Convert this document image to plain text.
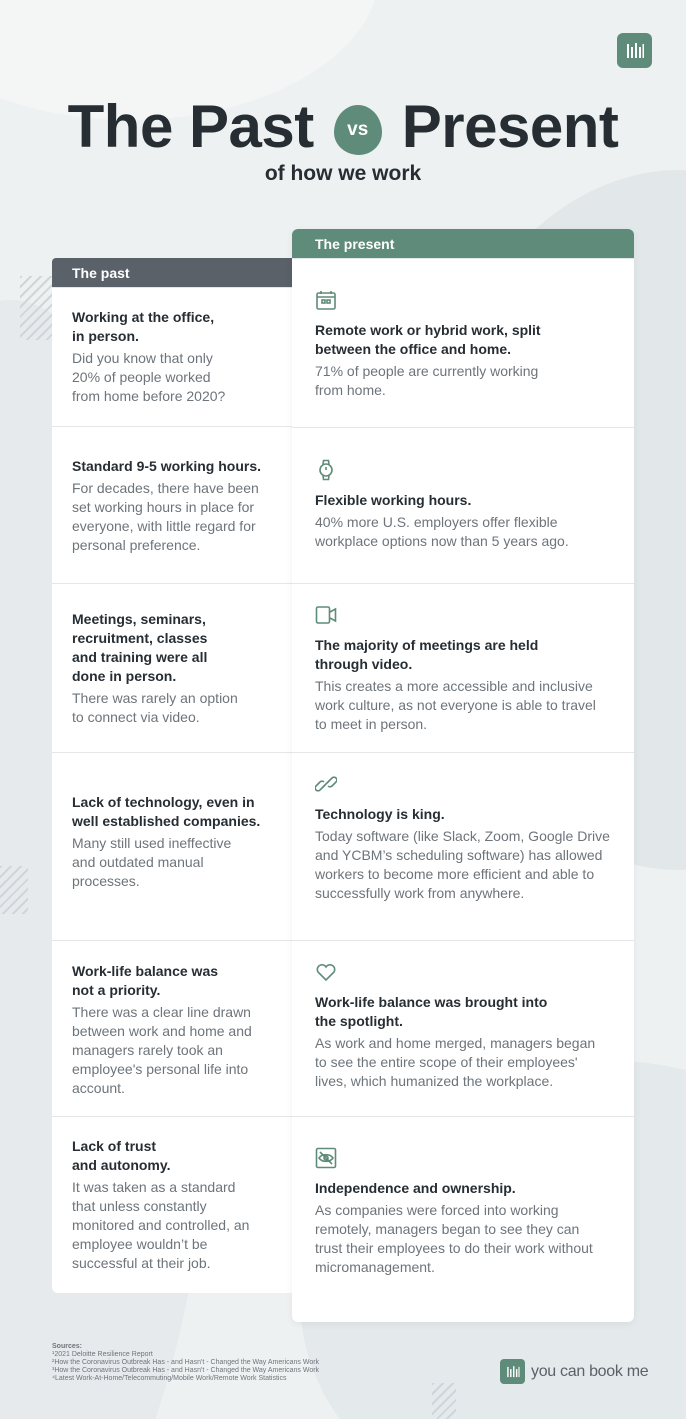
The Past	vs Present
of how we work
The past
Working at the office, in person.
Did you know that only 20% of people worked from home before 2020?
Standard 9-5 working hours.
For decades, there have been set working hours in place for everyone, with little regard for personal preference.
Meetings, seminars, recruitment, classes and training were all done in person.
There was rarely an option to connect via video.
Lack of technology, even in well established companies.
Many still used ineffective and outdated manual processes.
Work-life balance was not a priority.
There was a clear line drawn between work and home and managers rarely took an employee's personal life into account.
Lack of trust and autonomy.
It was taken as a standard that unless constantly monitored and controlled, an employee wouldn’t be successful at their job.
The present
Remote work or hybrid work, split between the office and home.
71% of people are currently working from home.
Flexible working hours.
40% more U.S. employers offer flexible workplace options now than 5 years ago.
The majority of meetings are held through video.
This creates a more accessible and inclusive work culture, as not everyone is able to travel to meet in person.
Technology is king.
Today software (like Slack, Zoom, Google Drive and YCBM’s scheduling software) has allowed workers to become more efficient and able to successfully work from anywhere.
Work-life balance was brought into the spotlight.
As work and home merged, managers began to see the entire scope of their employees' lives, which humanized the workplace.
Independence and ownership.
As companies were forced into working remotely, managers began to see they can trust their employees to do their work without micromanagement.
Sources:
¹2021 Deloitte Resilience Report
²How the Coronavirus Outbreak Has - and Hasn't - Changed the Way Americans Work
³How the Coronavirus Outbreak Has - and Hasn't - Changed the Way Americans Work
⁴Latest Work-At-Home/Telecommuting/Mobile Work/Remote Work Statistics	you can book me
